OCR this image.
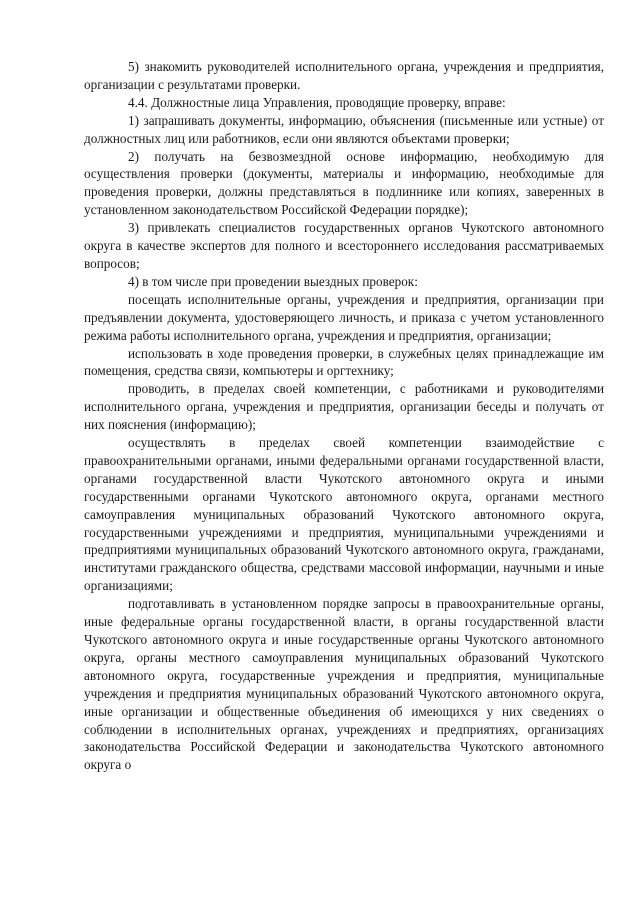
5) знакомить руководителей исполнительного органа, учреждения и предприятия, организации с результатами проверки.

4.4. Должностные лица Управления, проводящие проверку, вправе:

1) запрашивать документы, информацию, объяснения (письменные или устные) от должностных лиц или работников, если они являются объектами проверки;

2) получать на безвозмездной основе информацию, необходимую для осуществления проверки (документы, материалы и информацию, необходимые для проведения проверки, должны представляться в подлиннике или копиях, заверенных в установленном законодательством Российской Федерации порядке);

3) привлекать специалистов государственных органов Чукотского автономного округа в качестве экспертов для полного и всестороннего исследования рассматриваемых вопросов;

4) в том числе при проведении выездных проверок:

посещать исполнительные органы, учреждения и предприятия, организации при предъявлении документа, удостоверяющего личность, и приказа с учетом установленного режима работы исполнительного органа, учреждения и предприятия, организации;

использовать в ходе проведения проверки, в служебных целях принадлежащие им помещения, средства связи, компьютеры и оргтехнику;

проводить, в пределах своей компетенции, с работниками и руководителями исполнительного органа, учреждения и предприятия, организации беседы и получать от них пояснения (информацию);

осуществлять в пределах своей компетенции взаимодействие с правоохранительными органами, иными федеральными органами государственной власти, органами государственной власти Чукотского автономного округа и иными государственными органами Чукотского автономного округа, органами местного самоуправления муниципальных образований Чукотского автономного округа, государственными учреждениями и предприятия, муниципальными учреждениями и предприятиями муниципальных образований Чукотского автономного округа, гражданами, институтами гражданского общества, средствами массовой информации, научными и иные организациями;

подготавливать в установленном порядке запросы в правоохранительные органы, иные федеральные органы государственной власти, в органы государственной власти Чукотского автономного округа и иные государственные органы Чукотского автономного округа, органы местного самоуправления муниципальных образований Чукотского автономного округа, государственные учреждения и предприятия, муниципальные учреждения и предприятия муниципальных образований Чукотского автономного округа, иные организации и общественные объединения об имеющихся у них сведениях о соблюдении в исполнительных органах, учреждениях и предприятиях, организациях законодательства Российской Федерации и законодательства Чукотского автономного округа о
